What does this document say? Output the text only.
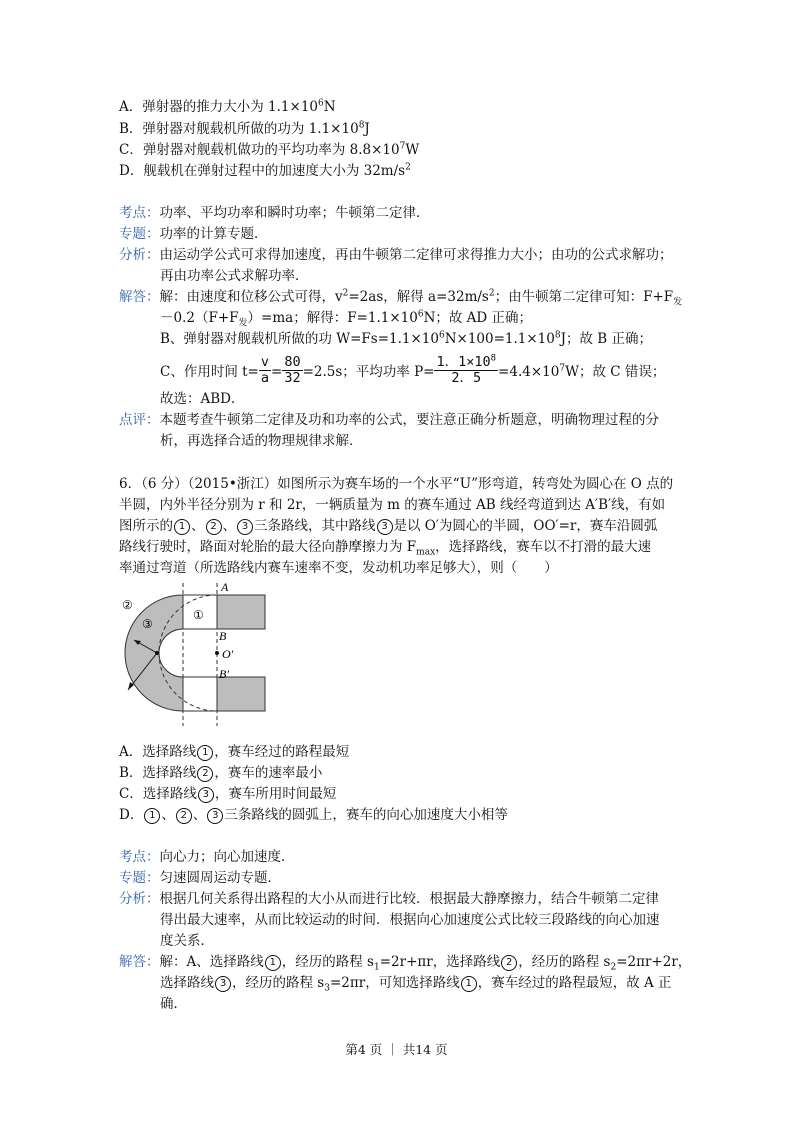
A．弹射器的推力大小为 $1.1\times 10^6N$
B．弹射器对舰载机所做的功为 $1.1\times 10^8J$
C．弹射器对舰载机做功的平均功率为 $8.8\times 10^7W$
D．舰载机在弹射过程中的加速度大小为 $32m/s^2$
考点：功率、平均功率和瞬时功率；牛顿第二定律．
专题：功率的计算专题．
分析：由运动学公式可求得加速度，再由牛顿第二定律可求得推力大小；由功的公式求解功；
再由功率公式求解功率．
解答：解：由速度和位移公式可得，$v^2=2as$，解得 $a=32m/s^2$；由牛顿第二定律可知：$F+F_发$
$-0.2(F+F_发)=ma$；解得：$F=1.1\times 10^6N$；故 AD 正确；
B、弹射器对舰载机所做的功 $W=Fs=1.1\times 10^6N\times 100=1.1\times 10^8J$；故 B 正确；
C、作用时间 $t= \frac{v}{a} = \frac{80}{32} =2.5s$；平均功率 $P= \frac{1.1\times 10^8}{2.5} =4.4\times 10^7W$；故 C 错误；
故选：ABD．
点评：本题考查牛顿第二定律及功和功率的公式，要注意正确分析题意，明确物理过程的分
析，再选择合适的物理规律求解．
6．（6 分）（2015•浙江）如图所示为赛车场的一个水平“U”形弯道，转弯处为圆心在 O 点的
半圆，内外半径分别为 r 和 2r，一辆质量为 m 的赛车通过 AB 线经弯道到达 A′B′线，有如
图所示的 1 、 2 、 3 三条路线，其中路线 3 是以 O′为圆心的半圆，OO′=r，赛车沿圆弧
路线行驶时，路面对轮胎的最大径向静摩擦力为 $F_{max}$，选择路线，赛车以不打滑的最大速
率通过弯道（所选路线内赛车速率不变，发动机功率足够大），则（　　）
A
B
O′
B′
①
②
③
A．选择路线 1 ，赛车经过的路程最短
B．选择路线 2 ，赛车的速率最小
C．选择路线 3 ，赛车所用时间最短
D． 1 、 2 、 3 三条路线的圆弧上，赛车的向心加速度大小相等
考点：向心力；向心加速度．
专题：匀速圆周运动专题．
分析：根据几何关系得出路程的大小从而进行比较．根据最大静摩擦力，结合牛顿第二定律
得出最大速率，从而比较运动的时间．根据向心加速度公式比较三段路线的向心加速
度关系．
解答：解：A、选择路线 1 ，经历的路程 $s_1=2r+\pi r$，选择路线 2 ，经历的路程 $s_2=2\pi r+2r$，
选择路线 3 ，经历的路程 $s_3=2\pi r$，可知选择路线 1 ，赛车经过的路程最短，故 A 正
确．
第4 页 ｜ 共14 页
